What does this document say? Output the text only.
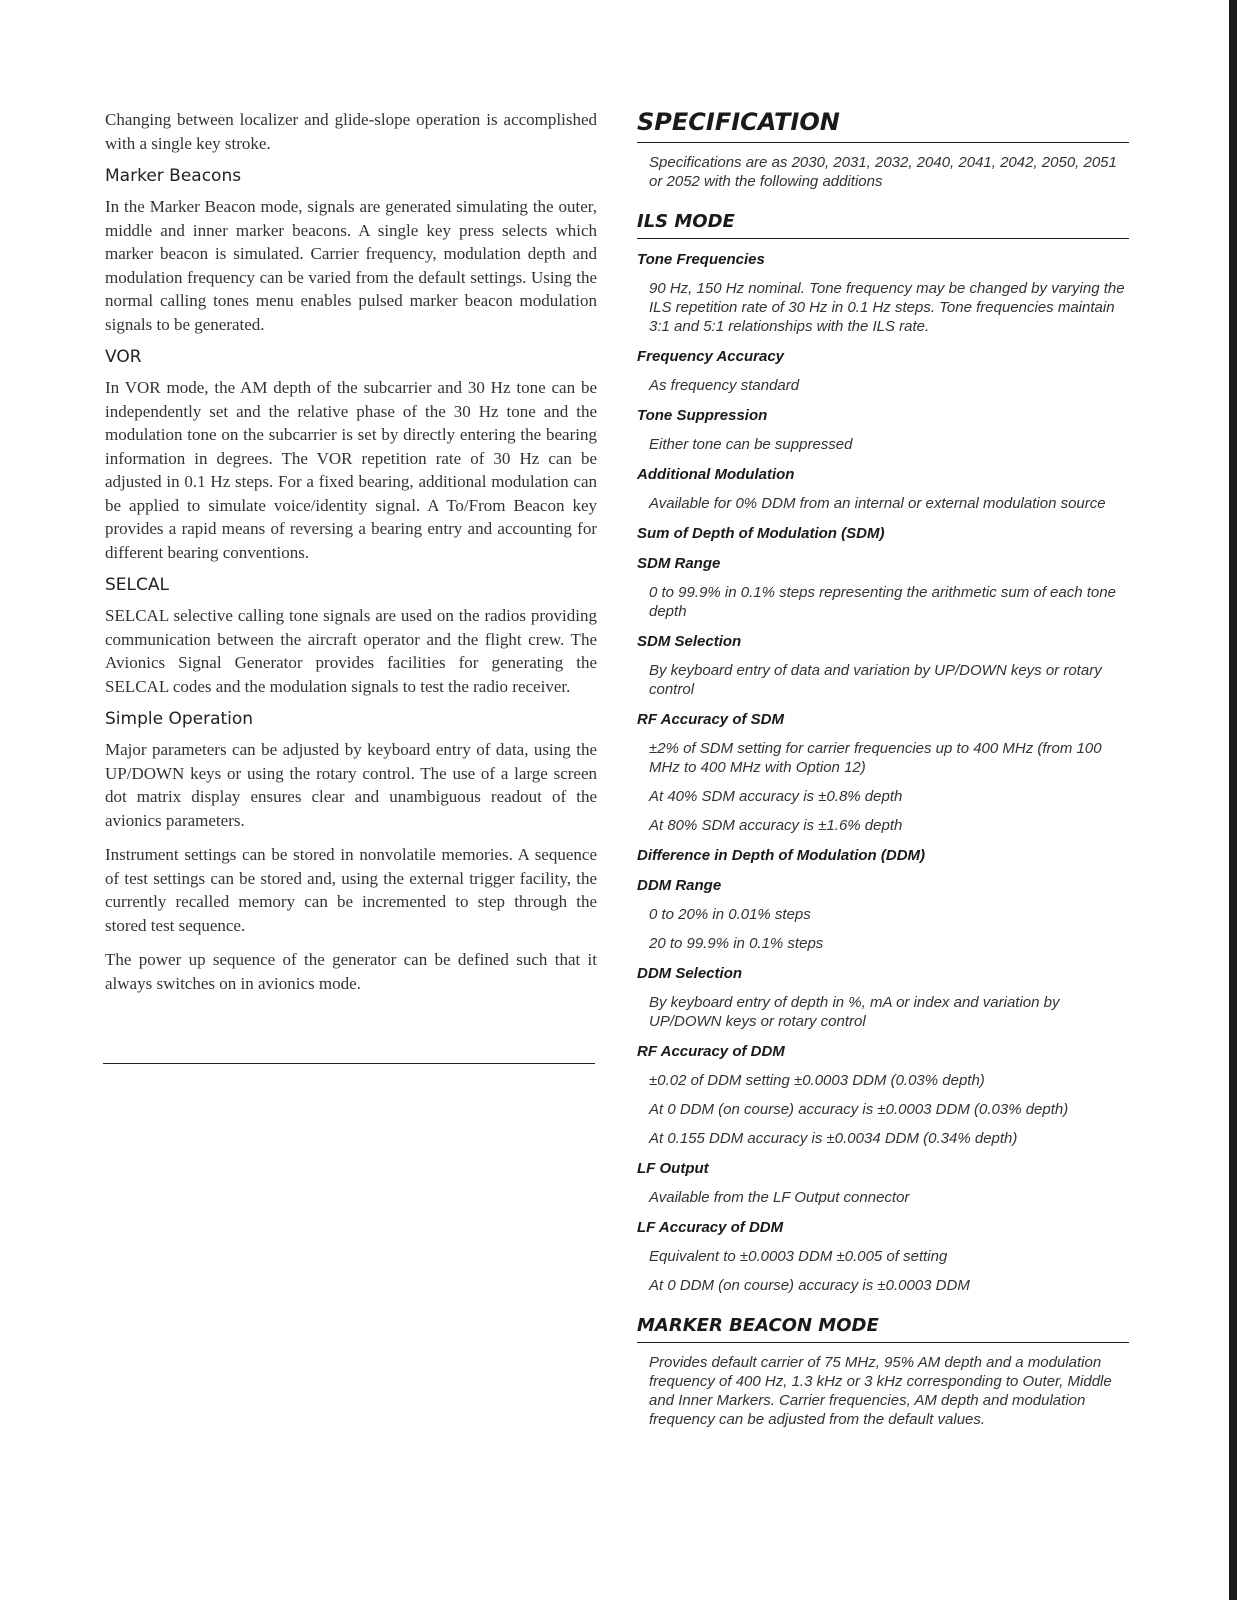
Changing between localizer and glide-slope operation is accomplished with a single key stroke.

Marker Beacons

In the Marker Beacon mode, signals are generated simulating the outer, middle and inner marker beacons. A single key press selects which marker beacon is simulated. Carrier frequency, modulation depth and modulation frequency can be varied from the default settings. Using the normal calling tones menu enables pulsed marker beacon modulation signals to be generated.

VOR

In VOR mode, the AM depth of the subcarrier and 30 Hz tone can be independently set and the relative phase of the 30 Hz tone and the modulation tone on the subcarrier is set by directly entering the bearing information in degrees. The VOR repetition rate of 30 Hz can be adjusted in 0.1 Hz steps. For a fixed bearing, additional modulation can be applied to simulate voice/identity signal. A To/From Beacon key provides a rapid means of reversing a bearing entry and accounting for different bearing conventions.

SELCAL

SELCAL selective calling tone signals are used on the radios providing communication between the aircraft operator and the flight crew. The Avionics Signal Generator provides facilities for generating the SELCAL codes and the modulation signals to test the radio receiver.

Simple Operation

Major parameters can be adjusted by keyboard entry of data, using the UP/DOWN keys or using the rotary control. The use of a large screen dot matrix display ensures clear and unambiguous readout of the avionics parameters.

Instrument settings can be stored in nonvolatile memories. A sequence of test settings can be stored and, using the external trigger facility, the currently recalled memory can be incremented to step through the stored test sequence.

The power up sequence of the generator can be defined such that it always switches on in avionics mode.

SPECIFICATION

Specifications are as 2030, 2031, 2032, 2040, 2041, 2042, 2050, 2051 or 2052 with the following additions

ILS MODE
Tone Frequencies
90 Hz, 150 Hz nominal. Tone frequency may be changed by varying the ILS repetition rate of 30 Hz in 0.1 Hz steps. Tone frequencies maintain 3:1 and 5:1 relationships with the ILS rate.
Frequency Accuracy
As frequency standard
Tone Suppression
Either tone can be suppressed
Additional Modulation
Available for 0% DDM from an internal or external modulation source
Sum of Depth of Modulation (SDM)
SDM Range
0 to 99.9% in 0.1% steps representing the arithmetic sum of each tone depth
SDM Selection
By keyboard entry of data and variation by UP/DOWN keys or rotary control
RF Accuracy of SDM
±2% of SDM setting for carrier frequencies up to 400 MHz (from 100 MHz to 400 MHz with Option 12)
At 40% SDM accuracy is ±0.8% depth
At 80% SDM accuracy is ±1.6% depth
Difference in Depth of Modulation (DDM)
DDM Range
0 to 20% in 0.01% steps
20 to 99.9% in 0.1% steps
DDM Selection
By keyboard entry of depth in %, mA or index and variation by UP/DOWN keys or rotary control
RF Accuracy of DDM
±0.02 of DDM setting ±0.0003 DDM (0.03% depth)
At 0 DDM (on course) accuracy is ±0.0003 DDM (0.03% depth)
At 0.155 DDM accuracy is ±0.0034 DDM (0.34% depth)
LF Output
Available from the LF Output connector
LF Accuracy of DDM
Equivalent to ±0.0003 DDM ±0.005 of setting
At 0 DDM (on course) accuracy is ±0.0003 DDM
MARKER BEACON MODE

Provides default carrier of 75 MHz, 95% AM depth and a modulation frequency of 400 Hz, 1.3 kHz or 3 kHz corresponding to Outer, Middle and Inner Markers. Carrier frequencies, AM depth and modulation frequency can be adjusted from the default values.
